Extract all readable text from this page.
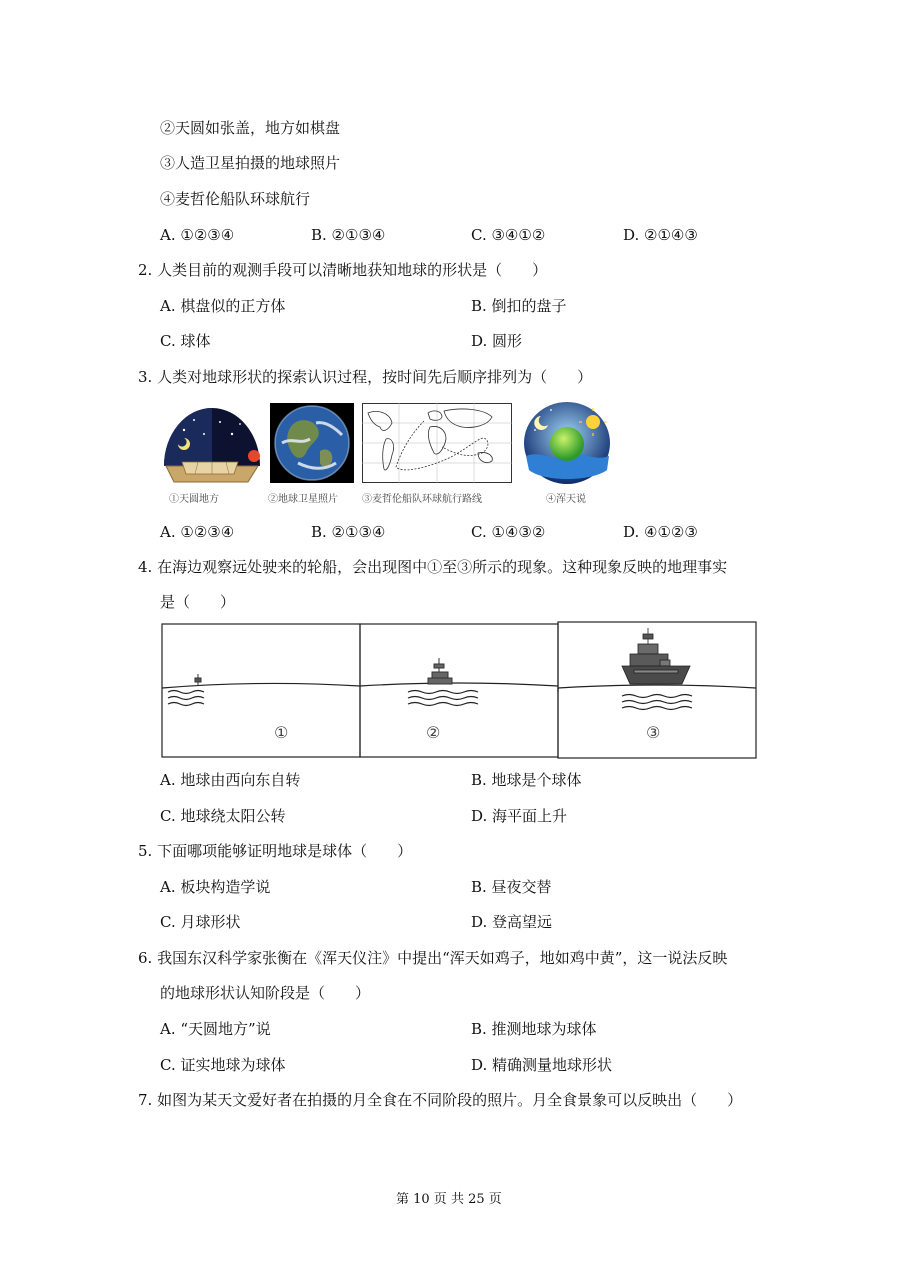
②天圆如张盖，地方如棋盘
③人造卫星拍摄的地球照片
④麦哲伦船队环球航行
A. ①②③④	B. ②①③④	C. ③④①②	D. ②①④③
2. 人类目前的观测手段可以清晰地获知地球的形状是（　　）
A. 棋盘似的正方体	B. 倒扣的盘子
C. 球体	D. 圆形
3. 人类对地球形状的探索认识过程，按时间先后顺序排列为（　　）
①天圆地方	②地球卫星照片 ③麦哲伦船队环球航行路线	④浑天说
A. ①②③④	B. ②①③④	C. ①④③②	D. ④①②③
4. 在海边观察远处驶来的轮船，会出现图中①至③所示的现象。这种现象反映的地理事实
是（　　）
①	②	③
A. 地球由西向东自转	B. 地球是个球体
C. 地球绕太阳公转	D. 海平面上升
5. 下面哪项能够证明地球是球体（　　）
A. 板块构造学说	B. 昼夜交替
C. 月球形状	D. 登高望远
6. 我国东汉科学家张衡在《浑天仪注》中提出“浑天如鸡子，地如鸡中黄”，这一说法反映
的地球形状认知阶段是（　　）
A. “天圆地方”说	B. 推测地球为球体
C. 证实地球为球体	D. 精确测量地球形状
7. 如图为某天文爱好者在拍摄的月全食在不同阶段的照片。月全食景象可以反映出（　　）
第 10 页 共 25 页
